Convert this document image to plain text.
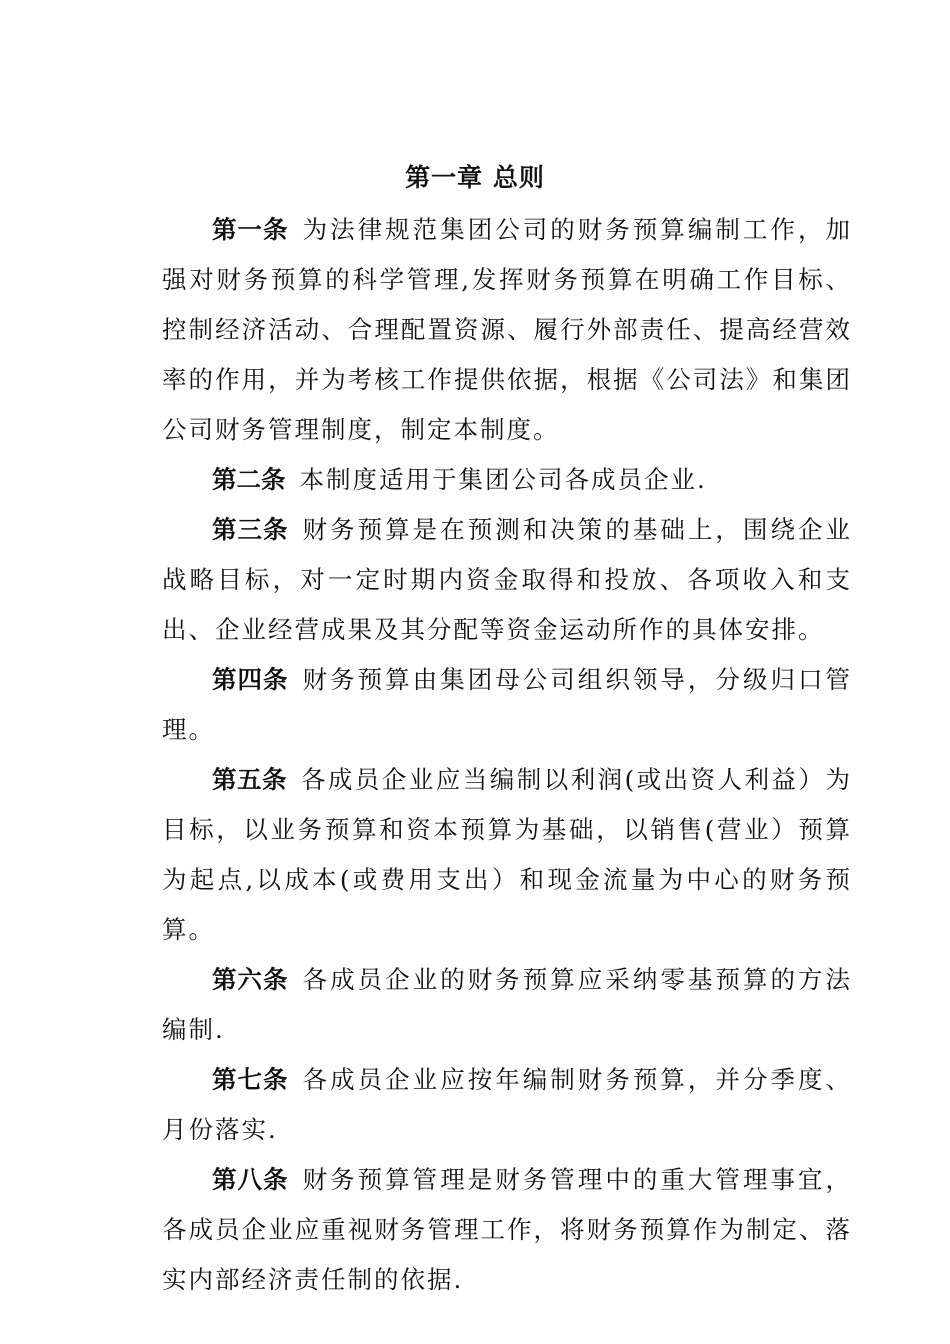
第一章 总则

第一条 为法律规范集团公司的财务预算编制工作，加强对财务预算的科学管理,发挥财务预算在明确工作目标、控制经济活动、合理配置资源、履行外部责任、提高经营效率的作用，并为考核工作提供依据，根据《公司法》和集团公司财务管理制度，制定本制度。

第二条 本制度适用于集团公司各成员企业.

第三条 财务预算是在预测和决策的基础上，围绕企业战略目标，对一定时期内资金取得和投放、各项收入和支出、企业经营成果及其分配等资金运动所作的具体安排。

第四条 财务预算由集团母公司组织领导，分级归口管理。

第五条 各成员企业应当编制以利润(或出资人利益）为目标，以业务预算和资本预算为基础，以销售(营业）预算为起点,以成本(或费用支出）和现金流量为中心的财务预算。

第六条 各成员企业的财务预算应采纳零基预算的方法编制.

第七条 各成员企业应按年编制财务预算，并分季度、月份落实.

第八条 财务预算管理是财务管理中的重大管理事宜，各成员企业应重视财务管理工作，将财务预算作为制定、落实内部经济责任制的依据.
